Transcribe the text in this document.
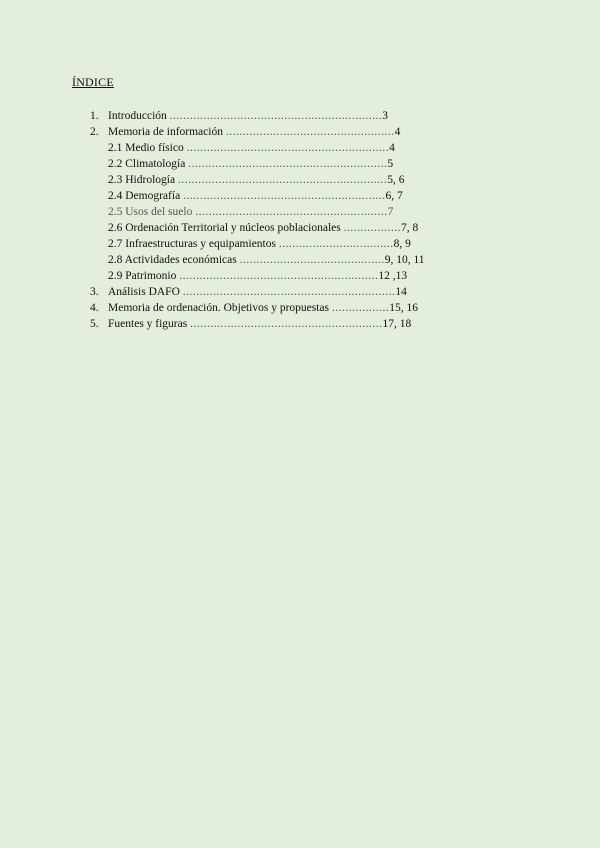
ÍNDICE
1. Introducción ...............................................................3
2. Memoria de información ..................................................4
2.1 Medio físico ............................................................4
2.2 Climatología ...........................................................5
2.3 Hidrología ..............................................................5, 6
2.4 Demografía ............................................................6, 7
2.5 Usos del suelo .........................................................7
2.6 Ordenación Territorial y núcleos poblacionales .................7, 8
2.7 Infraestructuras y equipamientos ..................................8, 9
2.8 Actividades económicas ...........................................9, 10, 11
2.9 Patrimonio ...........................................................12 ,13
3. Análisis DAFO ...............................................................14
4. Memoria de ordenación. Objetivos y propuestas .................15, 16
5. Fuentes y figuras .........................................................17, 18
